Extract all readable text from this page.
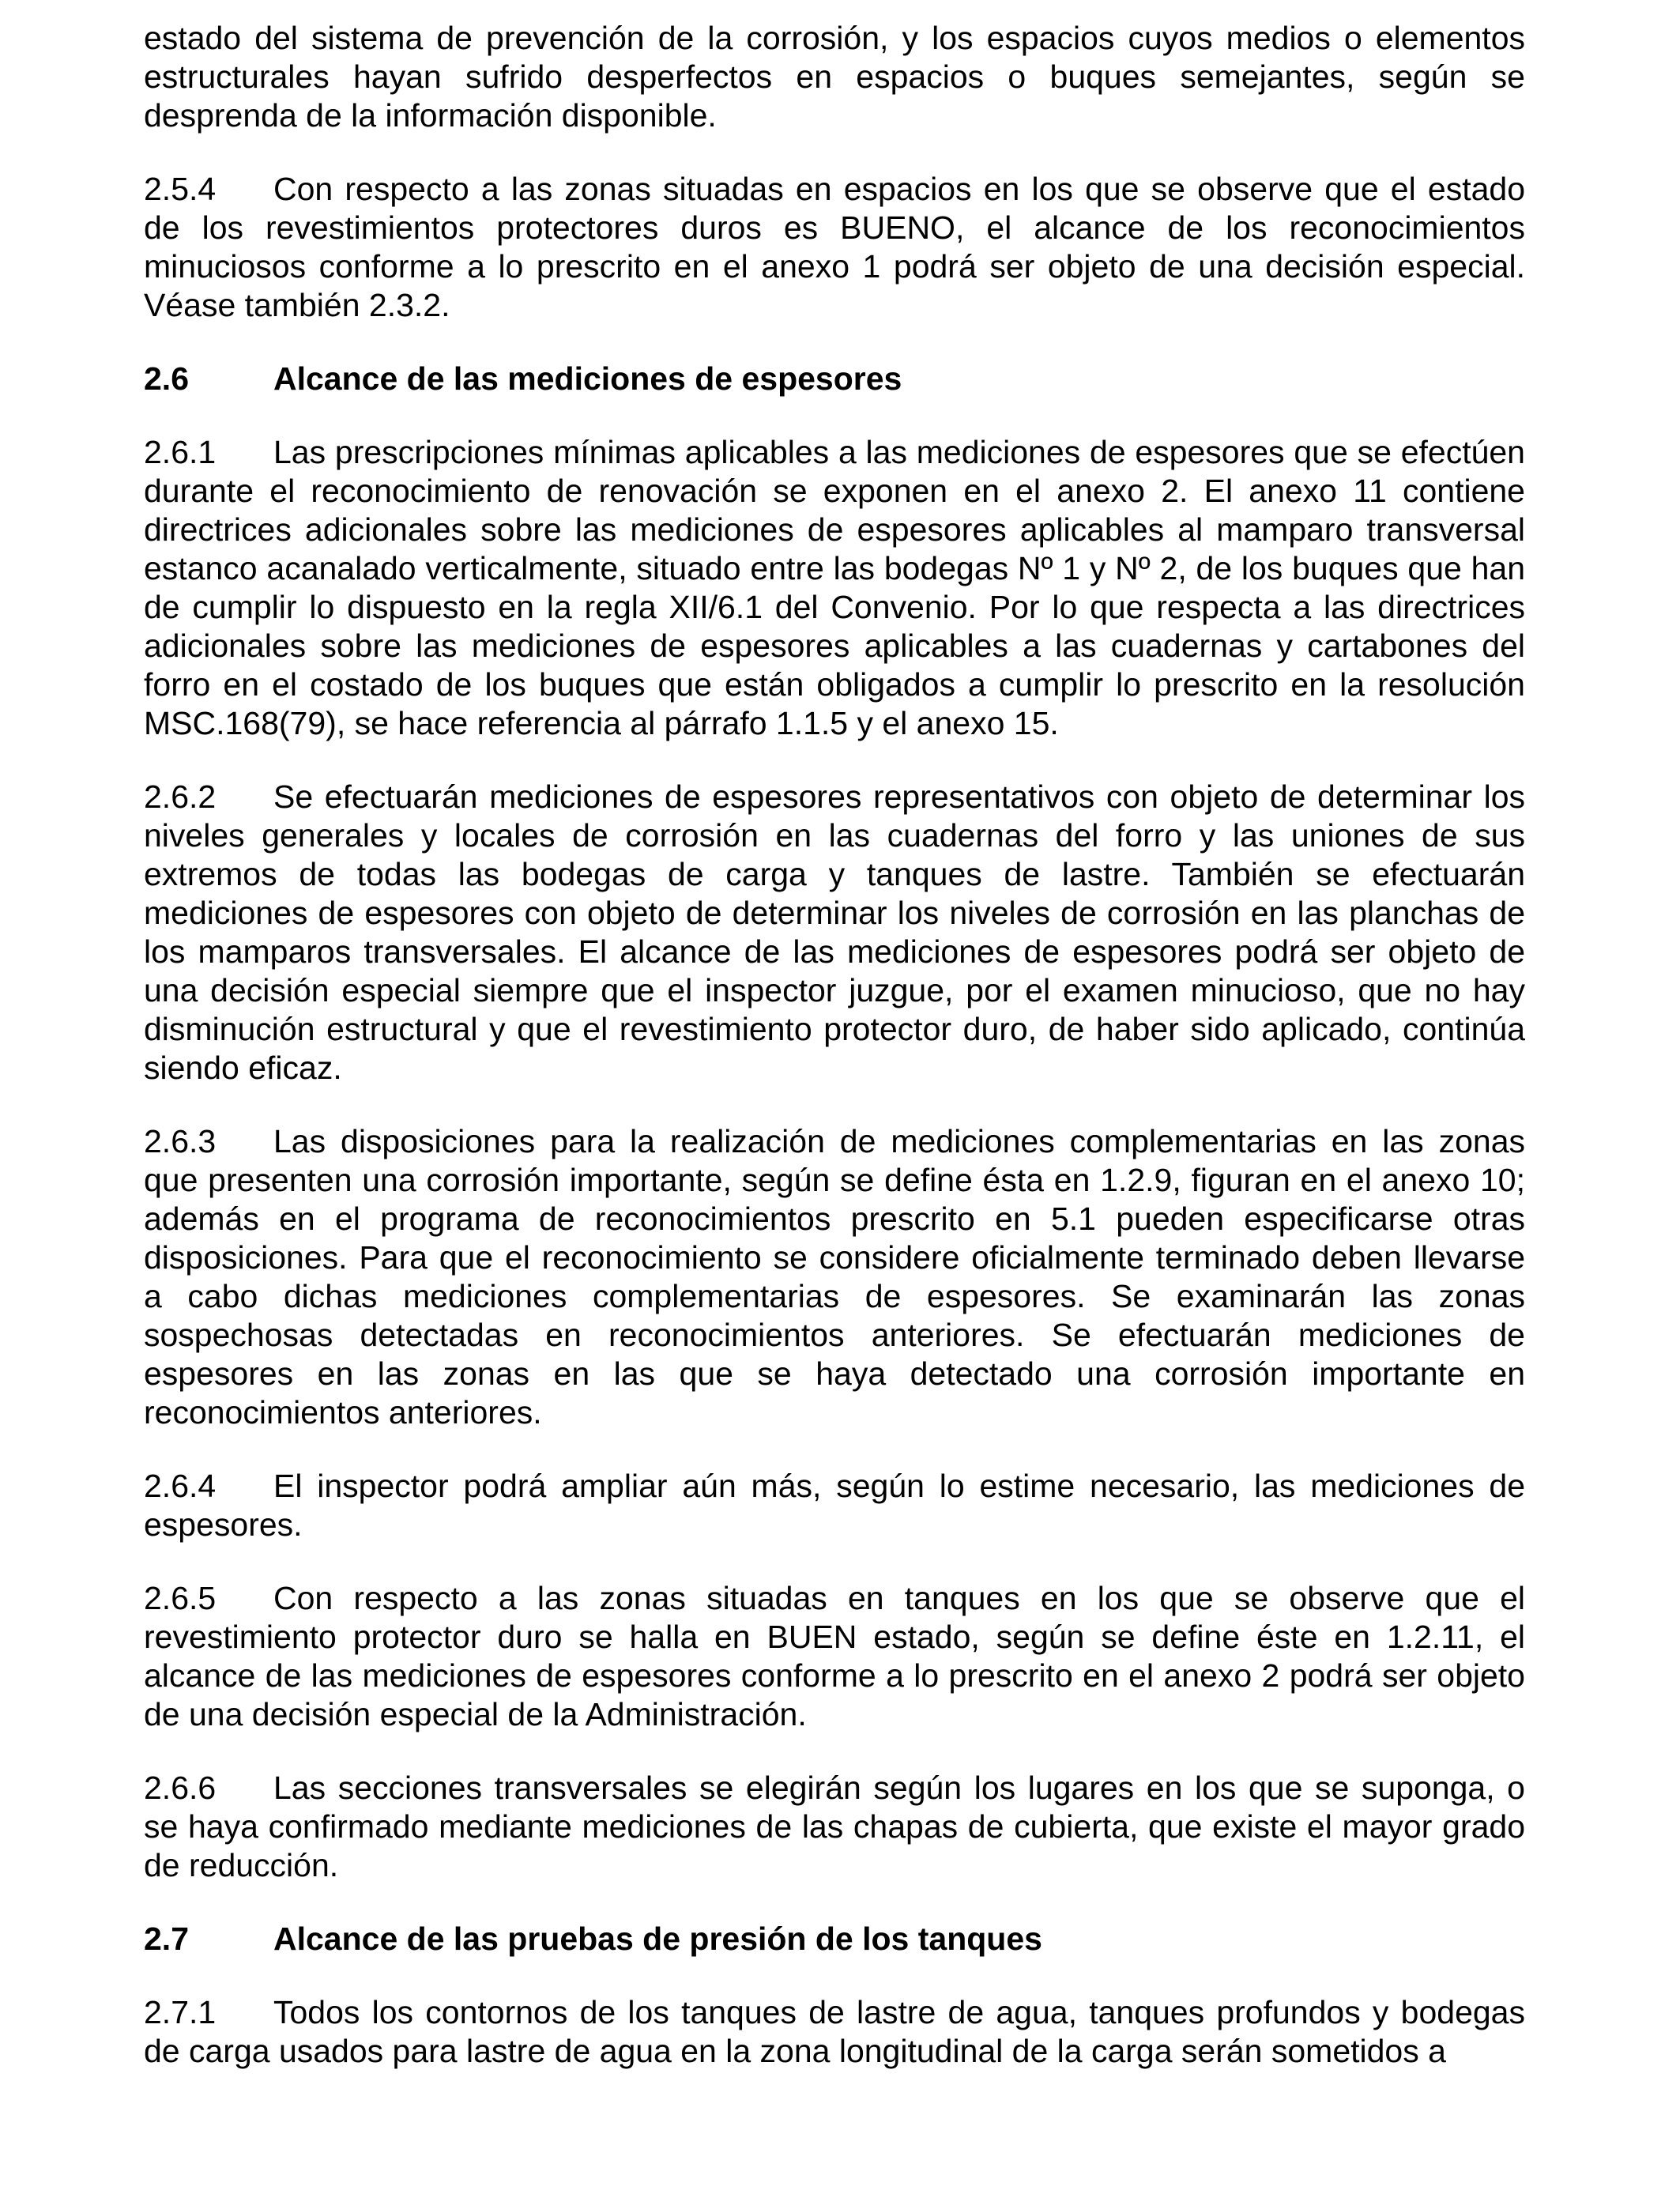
estado del sistema de prevención de la corrosión, y los espacios cuyos medios o elementos estructurales hayan sufrido desperfectos en espacios o buques semejantes, según se desprenda de la información disponible.

2.5.4 Con respecto a las zonas situadas en espacios en los que se observe que el estado de los revestimientos protectores duros es BUENO, el alcance de los reconocimientos minuciosos conforme a lo prescrito en el anexo 1 podrá ser objeto de una decisión especial. Véase también 2.3.2.

2.6	Alcance de las mediciones de espesores

2.6.1 Las prescripciones mínimas aplicables a las mediciones de espesores que se efectúen durante el reconocimiento de renovación se exponen en el anexo 2. El anexo 11 contiene directrices adicionales sobre las mediciones de espesores aplicables al mamparo transversal estanco acanalado verticalmente, situado entre las bodegas Nº 1 y Nº 2, de los buques que han de cumplir lo dispuesto en la regla XII/6.1 del Convenio. Por lo que respecta a las directrices adicionales sobre las mediciones de espesores aplicables a las cuadernas y cartabones del forro en el costado de los buques que están obligados a cumplir lo prescrito en la resolución MSC.168(79), se hace referencia al párrafo 1.1.5 y el anexo 15.

2.6.2 Se efectuarán mediciones de espesores representativos con objeto de determinar los niveles generales y locales de corrosión en las cuadernas del forro y las uniones de sus extremos de todas las bodegas de carga y tanques de lastre. También se efectuarán mediciones de espesores con objeto de determinar los niveles de corrosión en las planchas de los mamparos transversales. El alcance de las mediciones de espesores podrá ser objeto de una decisión especial siempre que el inspector juzgue, por el examen minucioso, que no hay disminución estructural y que el revestimiento protector duro, de haber sido aplicado, continúa siendo eficaz.

2.6.3 Las disposiciones para la realización de mediciones complementarias en las zonas que presenten una corrosión importante, según se define ésta en 1.2.9, figuran en el anexo 10; además en el programa de reconocimientos prescrito en 5.1 pueden especificarse otras disposiciones. Para que el reconocimiento se considere oficialmente terminado deben llevarse a cabo dichas mediciones complementarias de espesores. Se examinarán las zonas sospechosas detectadas en reconocimientos anteriores. Se efectuarán mediciones de espesores en las zonas en las que se haya detectado una corrosión importante en reconocimientos anteriores.

2.6.4 El inspector podrá ampliar aún más, según lo estime necesario, las mediciones de espesores.

2.6.5 Con respecto a las zonas situadas en tanques en los que se observe que el revestimiento protector duro se halla en BUEN estado, según se define éste en 1.2.11, el alcance de las mediciones de espesores conforme a lo prescrito en el anexo 2 podrá ser objeto de una decisión especial de la Administración.

2.6.6 Las secciones transversales se elegirán según los lugares en los que se suponga, o se haya confirmado mediante mediciones de las chapas de cubierta, que existe el mayor grado de reducción.

2.7	Alcance de las pruebas de presión de los tanques

2.7.1 Todos los contornos de los tanques de lastre de agua, tanques profundos y bodegas de carga usados para lastre de agua en la zona longitudinal de la carga serán sometidos a
